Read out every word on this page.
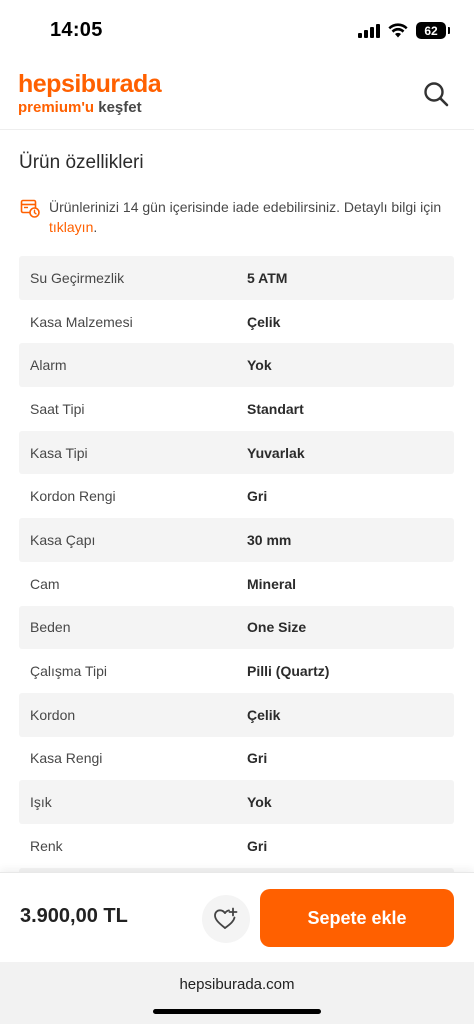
14:05	62
hepsiburada
premium'u keşfet
Ürün özellikleri
Ürünlerinizi 14 gün içerisinde iade edebilirsiniz. Detaylı bilgi için tıklayın.
Su Geçirmezlik	5 ATM
Kasa Malzemesi	Çelik
Alarm	Yok
Saat Tipi	Standart
Kasa Tipi	Yuvarlak
Kordon Rengi	Gri
Kasa Çapı	30 mm
Cam	Mineral
Beden	One Size
Çalışma Tipi	Pilli (Quartz)
Kordon	Çelik
Kasa Rengi	Gri
Işık	Yok
Renk	Gri
3.900,00 TL	Sepete ekle
hepsiburada.com
